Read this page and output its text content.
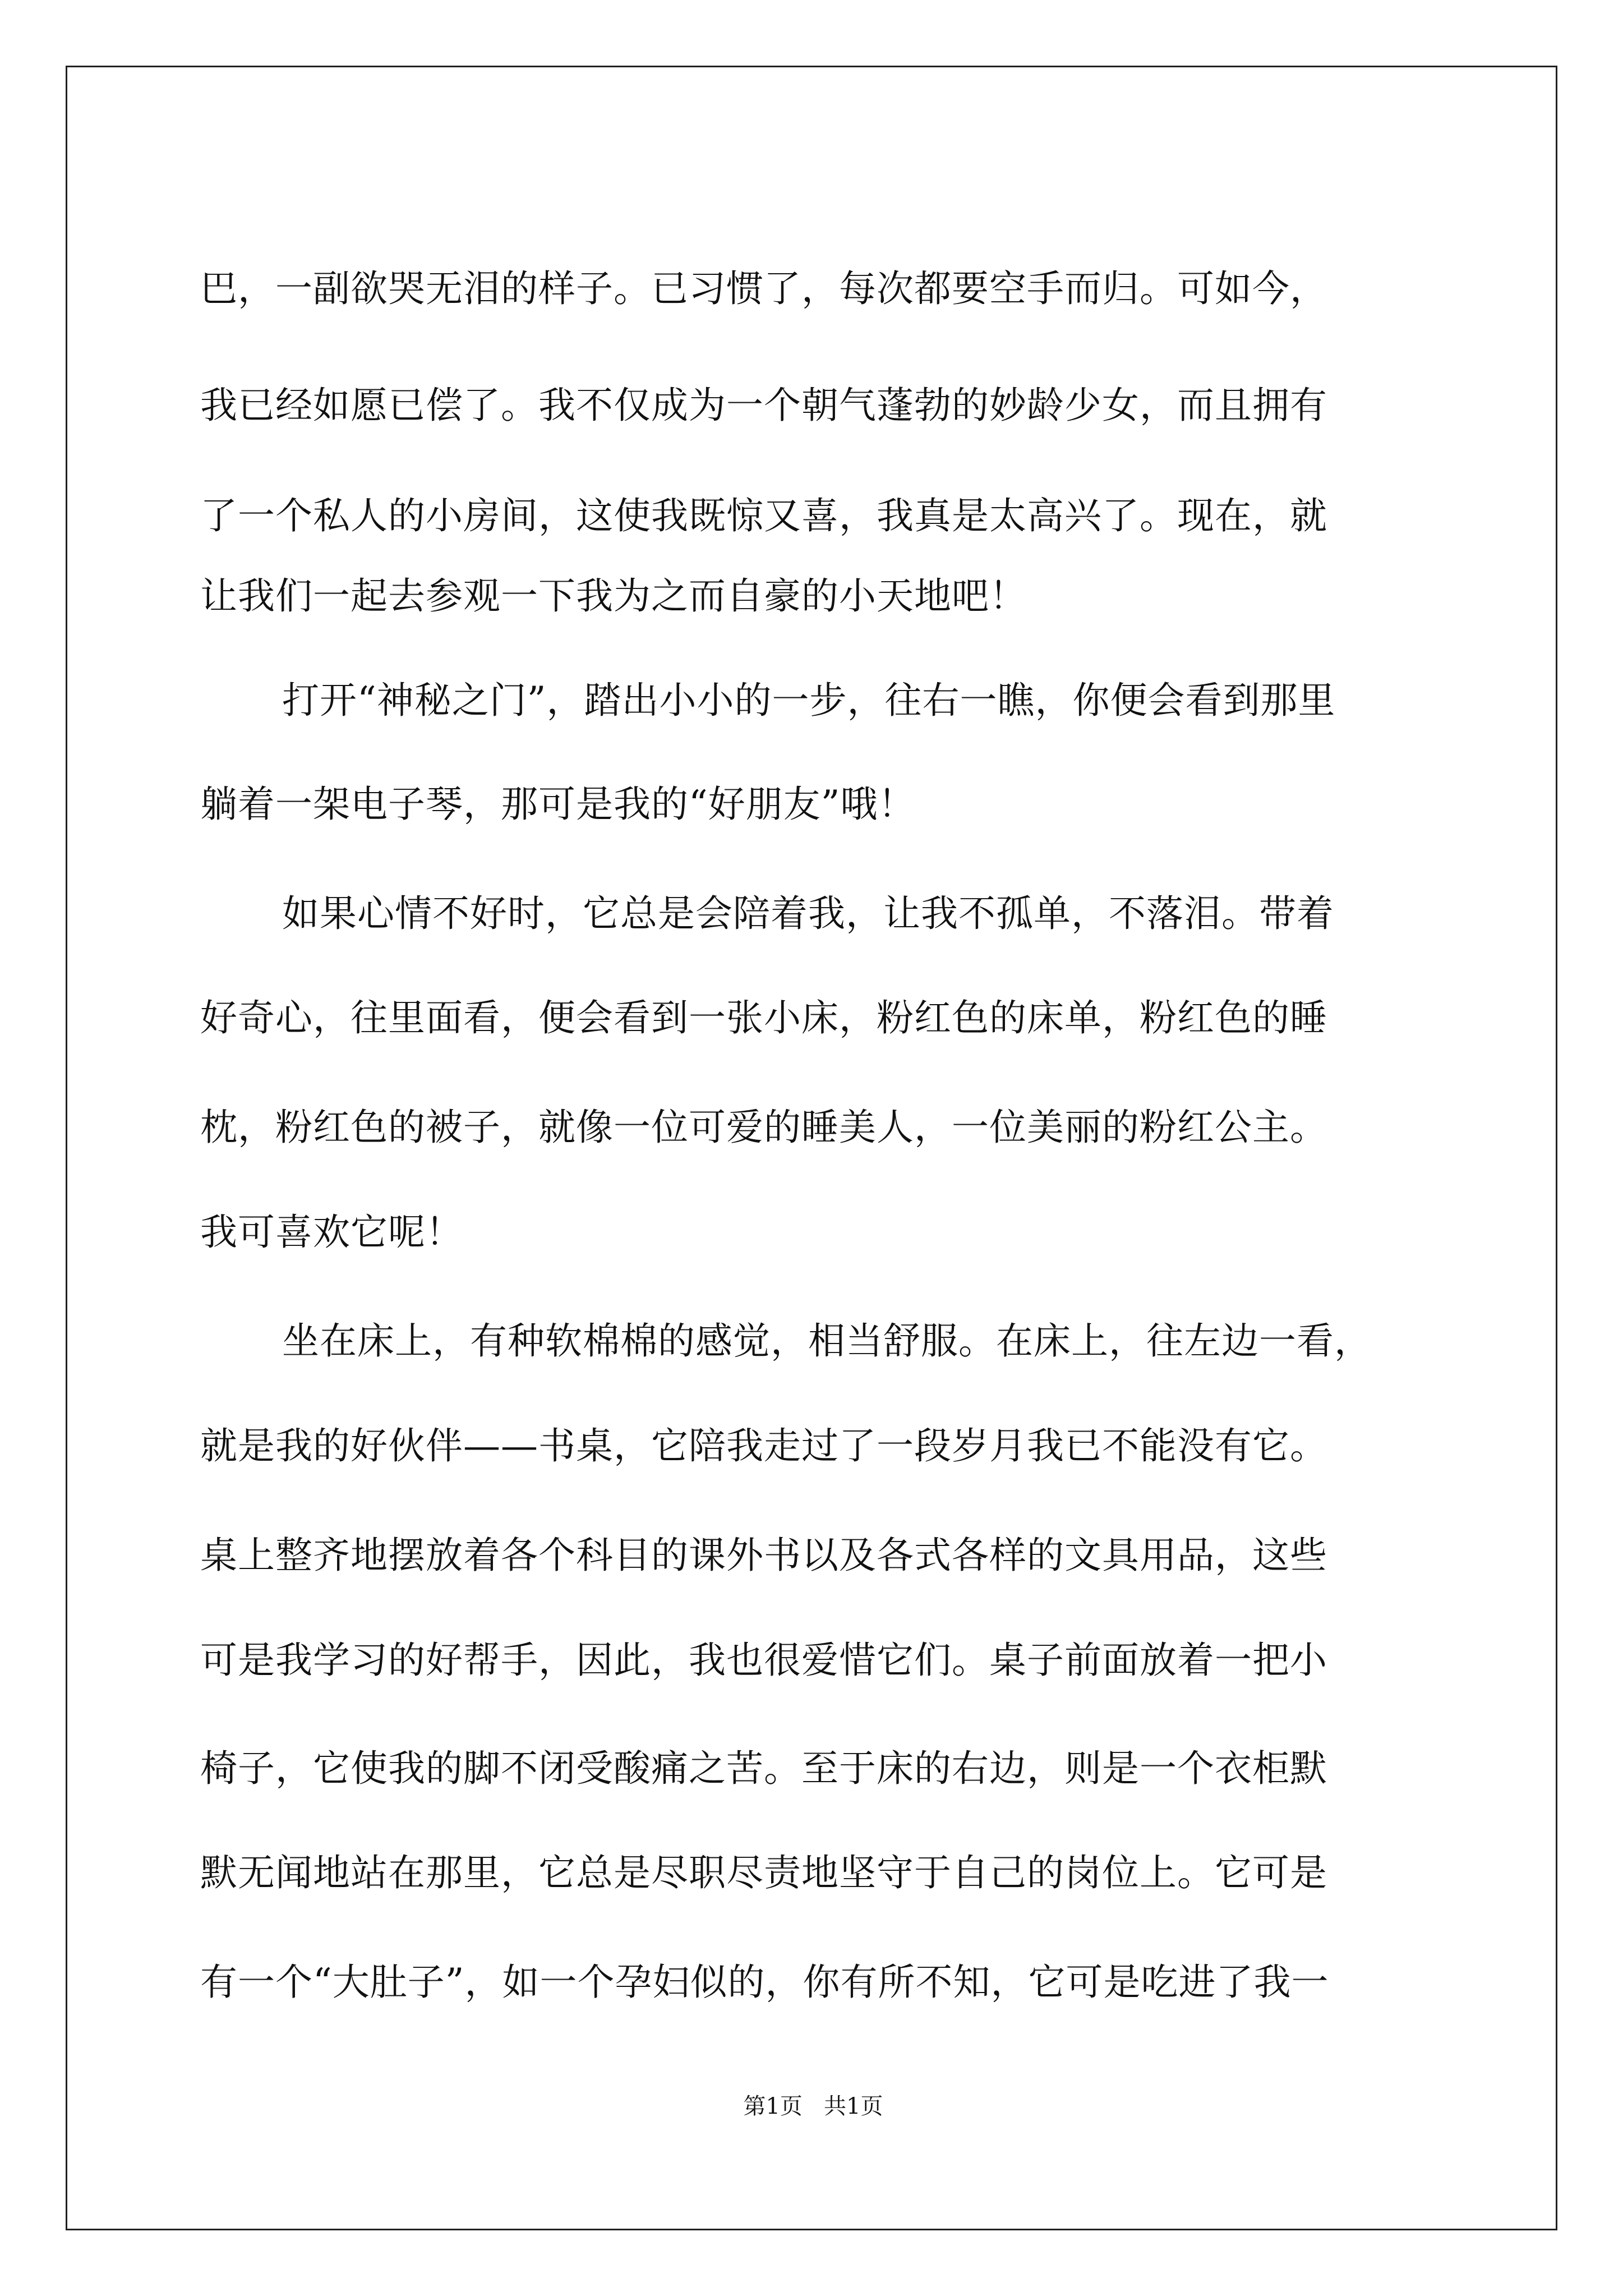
巴，一副欲哭无泪的样子。已习惯了，每次都要空手而归。可如今，
我已经如愿已偿了。我不仅成为一个朝气蓬勃的妙龄少女，而且拥有
了一个私人的小房间，这使我既惊又喜，我真是太高兴了。现在，就
让我们一起去参观一下我为之而自豪的小天地吧！
打开“神秘之门”，踏出小小的一步，往右一瞧，你便会看到那里
躺着一架电子琴，那可是我的“好朋友”哦！
如果心情不好时，它总是会陪着我，让我不孤单，不落泪。带着
好奇心，往里面看，便会看到一张小床，粉红色的床单，粉红色的睡
枕，粉红色的被子，就像一位可爱的睡美人，一位美丽的粉红公主。
我可喜欢它呢！
坐在床上，有种软棉棉的感觉，相当舒服。在床上，往左边一看，
就是我的好伙伴——书桌，它陪我走过了一段岁月我已不能没有它。
桌上整齐地摆放着各个科目的课外书以及各式各样的文具用品，这些
可是我学习的好帮手，因此，我也很爱惜它们。桌子前面放着一把小
椅子，它使我的脚不闭受酸痛之苦。至于床的右边，则是一个衣柜默
默无闻地站在那里，它总是尽职尽责地坚守于自己的岗位上。它可是
有一个“大肚子”，如一个孕妇似的，你有所不知，它可是吃进了我一
第1页   共1页
